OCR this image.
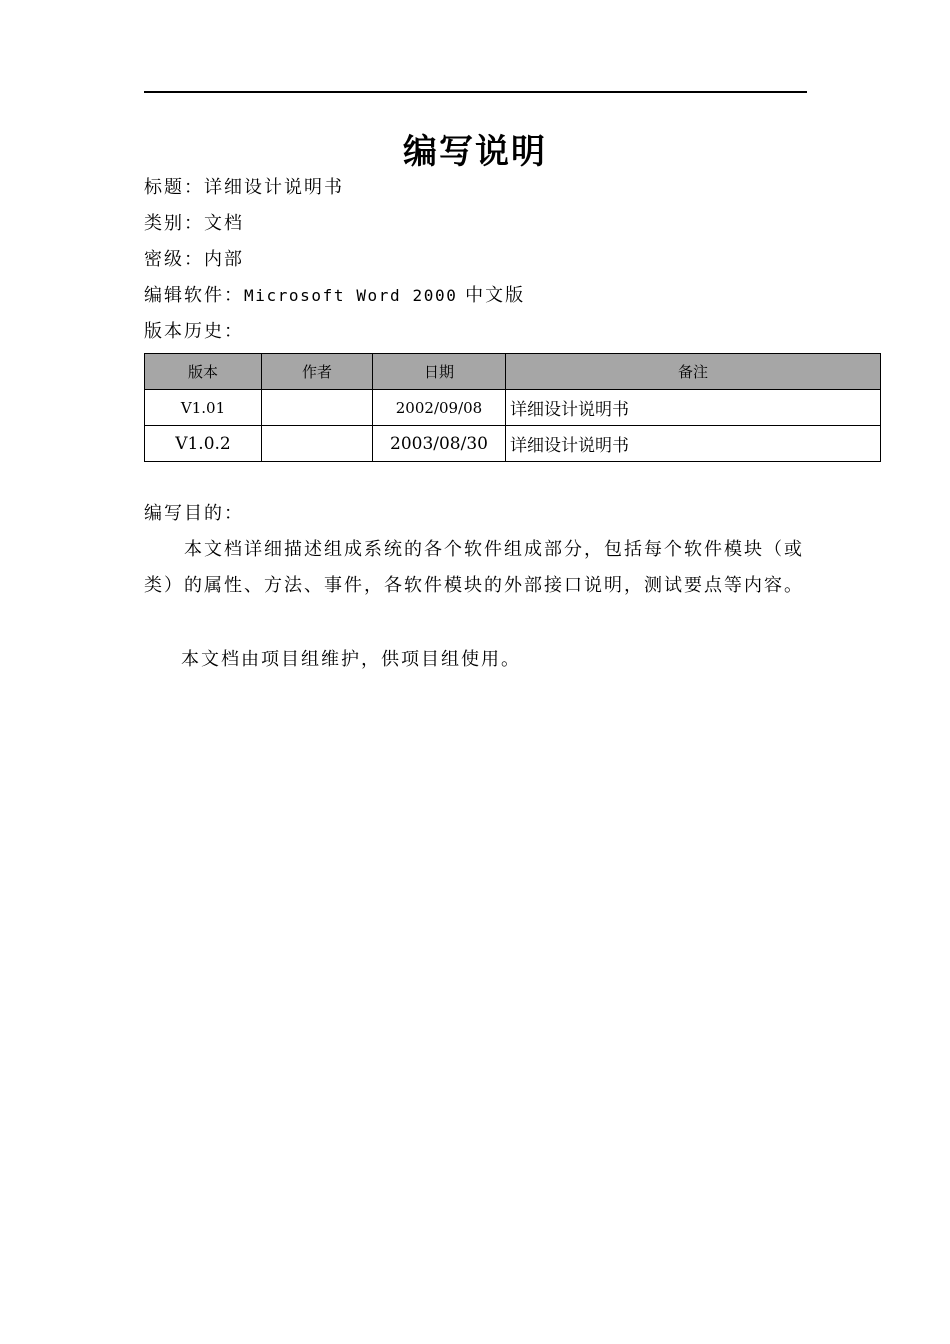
编写说明
标题：详细设计说明书
类别：文档
密级：内部
编辑软件：Microsoft Word 2000 中文版
版本历史：
版本	作者	日期	备注
V1.01		2002/09/08	详细设计说明书
V1.0.2		2003/08/30	详细设计说明书
编写目的：
本文档详细描述组成系统的各个软件组成部分，包括每个软件模块（或类）的属性、方法、事件，各软件模块的外部接口说明，测试要点等内容。
本文档由项目组维护，供项目组使用。
